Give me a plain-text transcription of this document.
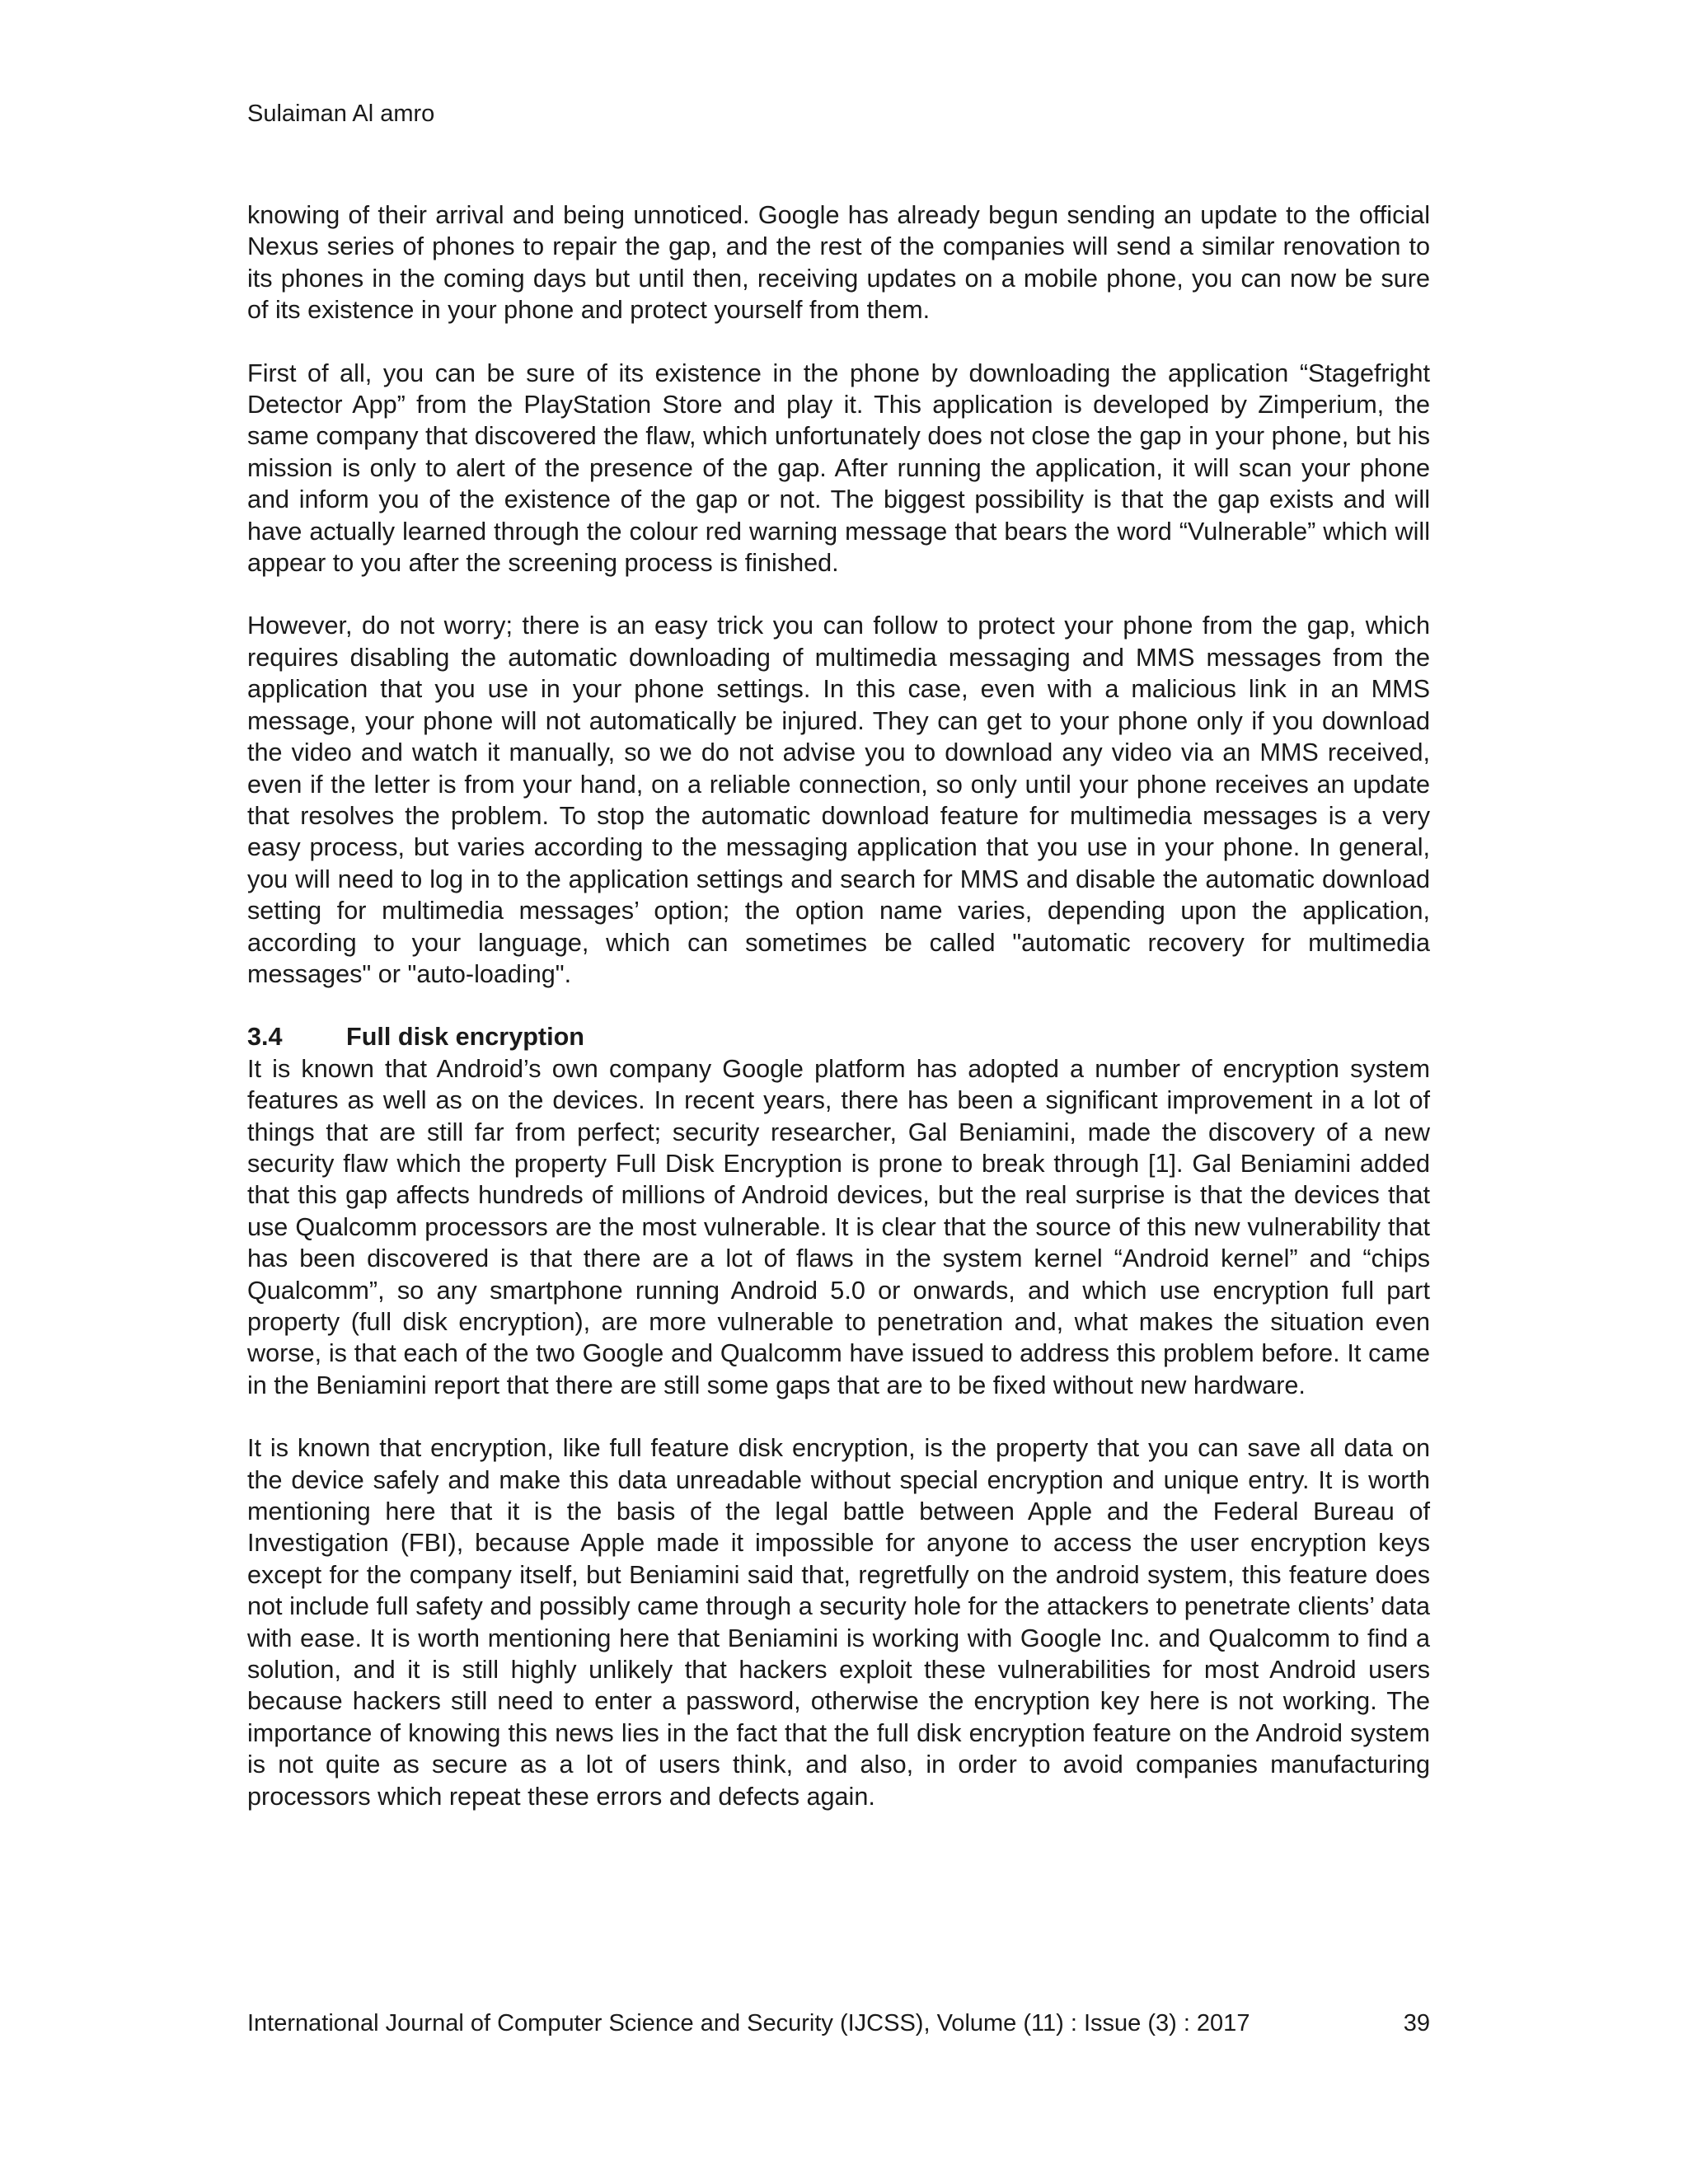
Sulaiman Al amro

knowing of their arrival and being unnoticed. Google has already begun sending an update to the official Nexus series of phones to repair the gap, and the rest of the companies will send a similar renovation to its phones in the coming days but until then, receiving updates on a mobile phone, you can now be sure of its existence in your phone and protect yourself from them.

First of all, you can be sure of its existence in the phone by downloading the application “Stagefright Detector App” from the PlayStation Store and play it. This application is developed by Zimperium, the same company that discovered the flaw, which unfortunately does not close the gap in your phone, but his mission is only to alert of the presence of the gap. After running the application, it will scan your phone and inform you of the existence of the gap or not. The biggest possibility is that the gap exists and will have actually learned through the colour red warning message that bears the word “Vulnerable” which will appear to you after the screening process is finished.

However, do not worry; there is an easy trick you can follow to protect your phone from the gap, which requires disabling the automatic downloading of multimedia messaging and MMS messages from the application that you use in your phone settings. In this case, even with a malicious link in an MMS message, your phone will not automatically be injured. They can get to your phone only if you download the video and watch it manually, so we do not advise you to download any video via an MMS received, even if the letter is from your hand, on a reliable connection, so only until your phone receives an update that resolves the problem. To stop the automatic download feature for multimedia messages is a very easy process, but varies according to the messaging application that you use in your phone. In general, you will need to log in to the application settings and search for MMS and disable the automatic download setting for multimedia messages’ option; the option name varies, depending upon the application, according to your language, which can sometimes be called "automatic recovery for multimedia messages" or "auto-loading".

3.4	Full disk encryption

It is known that Android’s own company Google platform has adopted a number of encryption system features as well as on the devices. In recent years, there has been a significant improvement in a lot of things that are still far from perfect; security researcher, Gal Beniamini, made the discovery of a new security flaw which the property Full Disk Encryption is prone to break through [1]. Gal Beniamini added that this gap affects hundreds of millions of Android devices, but the real surprise is that the devices that use Qualcomm processors are the most vulnerable. It is clear that the source of this new vulnerability that has been discovered is that there are a lot of flaws in the system kernel “Android kernel” and “chips Qualcomm”, so any smartphone running Android 5.0 or onwards, and which use encryption full part property (full disk encryption), are more vulnerable to penetration and, what makes the situation even worse, is that each of the two Google and Qualcomm have issued to address this problem before. It came in the Beniamini report that there are still some gaps that are to be fixed without new hardware.

It is known that encryption, like full feature disk encryption, is the property that you can save all data on the device safely and make this data unreadable without special encryption and unique entry. It is worth mentioning here that it is the basis of the legal battle between Apple and the Federal Bureau of Investigation (FBI), because Apple made it impossible for anyone to access the user encryption keys except for the company itself, but Beniamini said that, regretfully on the android system, this feature does not include full safety and possibly came through a security hole for the attackers to penetrate clients’ data with ease. It is worth mentioning here that Beniamini is working with Google Inc. and Qualcomm to find a solution, and it is still highly unlikely that hackers exploit these vulnerabilities for most Android users because hackers still need to enter a password, otherwise the encryption key here is not working. The importance of knowing this news lies in the fact that the full disk encryption feature on the Android system is not quite as secure as a lot of users think, and also, in order to avoid companies manufacturing processors which repeat these errors and defects again.

International Journal of Computer Science and Security (IJCSS), Volume (11) : Issue (3) : 2017	39
